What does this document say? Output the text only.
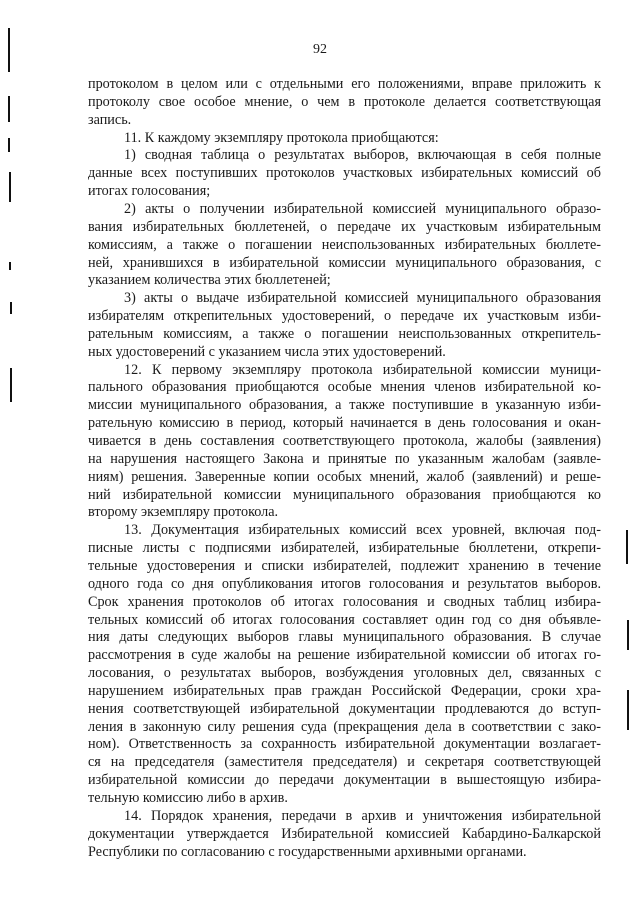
92
протоколом в целом или с отдельными его положениями, вправе приложить к
протоколу свое особое мнение, о чем в протоколе делается соответствующая
запись.
11. К каждому экземпляру протокола приобщаются:
1) сводная таблица о результатах выборов, включающая в себя полные
данные всех поступивших протоколов участковых избирательных комиссий об
итогах голосования;
2) акты о получении избирательной комиссией муниципального образо-
вания избирательных бюллетеней, о передаче их участковым избирательным
комиссиям, а также о погашении неиспользованных избирательных бюллете-
ней, хранившихся в избирательной комиссии муниципального образования, с
указанием количества этих бюллетеней;
3) акты о выдаче избирательной комиссией муниципального образования
избирателям открепительных удостоверений, о передаче их участковым изби-
рательным комиссиям, а также о погашении неиспользованных открепитель-
ных удостоверений с указанием числа этих удостоверений.
12. К первому экземпляру протокола избирательной комиссии муници-
пального образования приобщаются особые мнения членов избирательной ко-
миссии муниципального образования, а также поступившие в указанную изби-
рательную комиссию в период, который начинается в день голосования и окан-
чивается в день составления соответствующего протокола, жалобы (заявления)
на нарушения настоящего Закона и принятые по указанным жалобам (заявле-
ниям) решения. Заверенные копии особых мнений, жалоб (заявлений) и реше-
ний избирательной комиссии муниципального образования приобщаются ко
второму экземпляру протокола.
13. Документация избирательных комиссий всех уровней, включая под-
писные листы с подписями избирателей, избирательные бюллетени, открепи-
тельные удостоверения и списки избирателей, подлежит хранению в течение
одного года со дня опубликования итогов голосования и результатов выборов.
Срок хранения протоколов об итогах голосования и сводных таблиц избира-
тельных комиссий об итогах голосования составляет один год со дня объявле-
ния даты следующих выборов главы муниципального образования. В случае
рассмотрения в суде жалобы на решение избирательной комиссии об итогах го-
лосования, о результатах выборов, возбуждения уголовных дел, связанных с
нарушением избирательных прав граждан Российской Федерации, сроки хра-
нения соответствующей избирательной документации продлеваются до вступ-
ления в законную силу решения суда (прекращения дела в соответствии с зако-
ном). Ответственность за сохранность избирательной документации возлагает-
ся на председателя (заместителя председателя) и секретаря соответствующей
избирательной комиссии до передачи документации в вышестоящую избира-
тельную комиссию либо в архив.
14. Порядок хранения, передачи в архив и уничтожения избирательной
документации утверждается Избирательной комиссией Кабардино-Балкарской
Республики по согласованию с государственными архивными органами.
